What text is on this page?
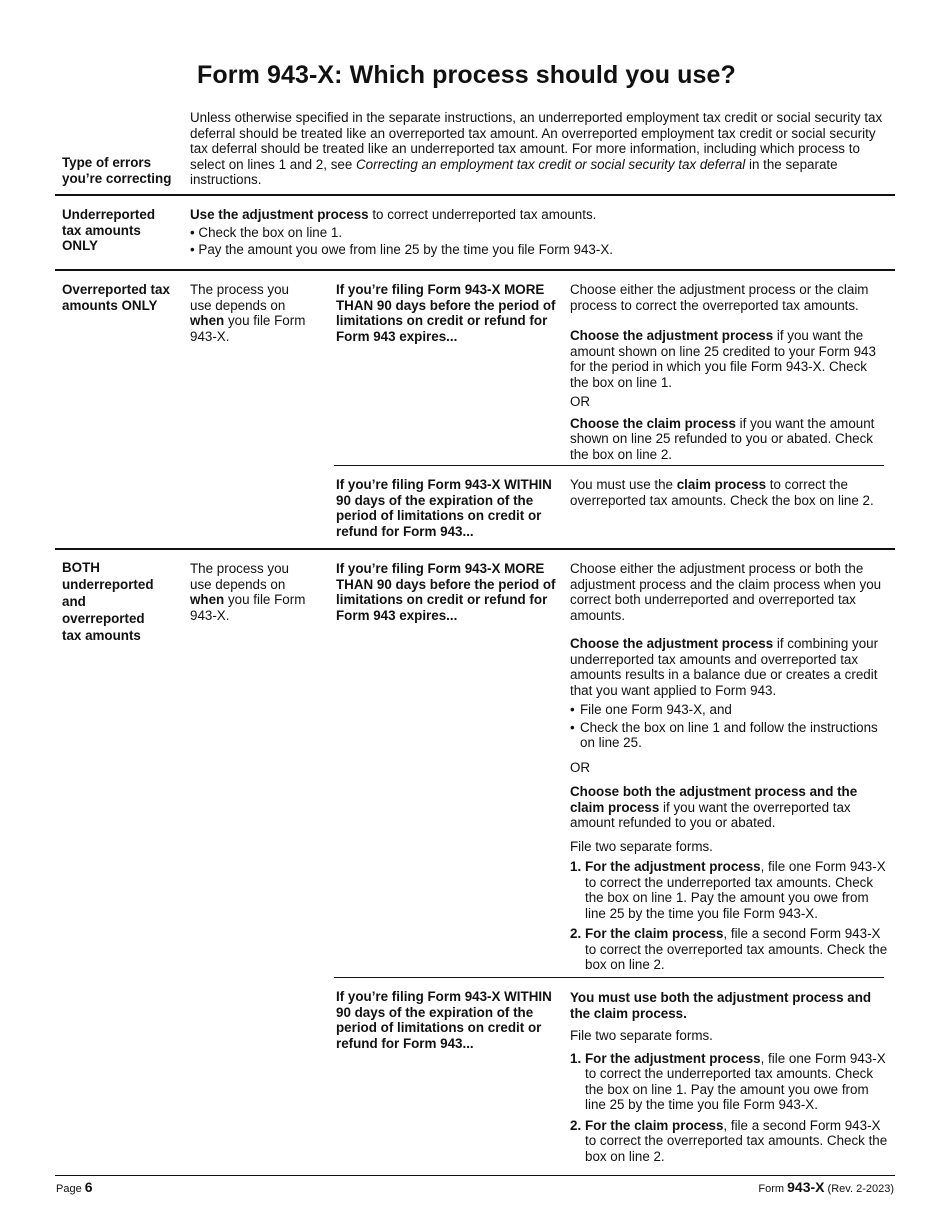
Form 943-X: Which process should you use?
Unless otherwise specified in the separate instructions, an underreported employment tax credit or social security tax deferral should be treated like an overreported tax amount. An overreported employment tax credit or social security tax deferral should be treated like an underreported tax amount. For more information, including which process to select on lines 1 and 2, see Correcting an employment tax credit or social security tax deferral in the separate instructions.
Type of errors you’re correcting
Underreported tax amounts ONLY

Use the adjustment process to correct underreported tax amounts.

• Check the box on line 1.

• Pay the amount you owe from line 25 by the time you file Form 943-X.

Overreported tax amounts ONLY
The process you use depends on when you file Form 943-X.
If you’re filing Form 943-X MORE THAN 90 days before the period of limitations on credit or refund for Form 943 expires...

Choose either the adjustment process or the claim process to correct the overreported tax amounts.

Choose the adjustment process if you want the amount shown on line 25 credited to your Form 943 for the period in which you file Form 943-X. Check the box on line 1.

OR

Choose the claim process if you want the amount shown on line 25 refunded to you or abated. Check the box on line 2.

If you’re filing Form 943-X WITHIN 90 days of the expiration of the period of limitations on credit or refund for Form 943...
You must use the claim process to correct the overreported tax amounts. Check the box on line 2.
BOTH underreported and overreported tax amounts
The process you use depends on when you file Form 943-X.
If you’re filing Form 943-X MORE THAN 90 days before the period of limitations on credit or refund for Form 943 expires...

Choose either the adjustment process or both the adjustment process and the claim process when you correct both underreported and overreported tax amounts.

Choose the adjustment process if combining your underreported tax amounts and overreported tax amounts results in a balance due or creates a credit that you want applied to Form 943.

• File one Form 943-X, and
• Check the box on line 1 and follow the instructions on line 25.

OR

Choose both the adjustment process and the claim process if you want the overreported tax amount refunded to you or abated.

File two separate forms.

1. For the adjustment process, file one Form 943-X to correct the underreported tax amounts. Check the box on line 1. Pay the amount you owe from line 25 by the time you file Form 943-X.
2. For the claim process, file a second Form 943-X to correct the overreported tax amounts. Check the box on line 2.
If you’re filing Form 943-X WITHIN 90 days of the expiration of the period of limitations on credit or refund for Form 943...

You must use both the adjustment process and the claim process.

File two separate forms.

1. For the adjustment process, file one Form 943-X to correct the underreported tax amounts. Check the box on line 1. Pay the amount you owe from line 25 by the time you file Form 943-X.
2. For the claim process, file a second Form 943-X to correct the overreported tax amounts. Check the box on line 2.
Page 6	Form 943-X (Rev. 2-2023)
